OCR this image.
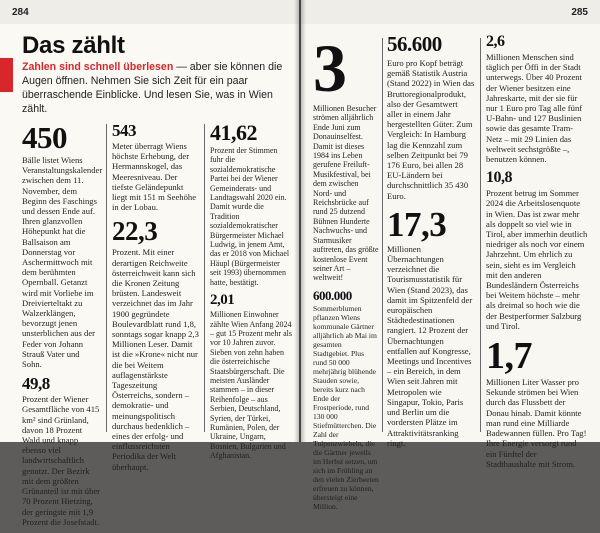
284
Das zählt

Zahlen sind schnell überlesen — aber sie können die Augen öffnen. Nehmen Sie sich Zeit für ein paar überraschende Einblicke. Und lesen Sie, was in Wien zählt.

450

Bälle listet Wiens Veranstaltungskalender zwischen dem 11. November, dem Beginn des Faschings und dessen Ende auf. Ihren glanzvollen Höhepunkt hat die Ballsaison am Donnerstag vor Aschermittwoch mit dem berühmten Opernball. Getanzt wird mit Vorliebe im Dreivierteltakt zu Walzerklängen, bevorzugt jenen unsterblichen aus der Feder von Johann Strauß Vater und Sohn.

49,8

Prozent der Wiener Gesamtfläche von 415 km² sind Grünland, davon 18 Prozent Wald und knapp ebenso viel landwirtschaftlich genutzt. Der Bezirk mit dem größten Grünanteil ist mit über 70 Prozent Hietzing, der geringste mit 1,9 Prozent die Josefstadt.

543

Meter überragt Wiens höchste Erhebung, der Hermannskogel, das Meeresniveau. Der tiefste Geländepunkt liegt mit 151 m Seehöhe in der Lobau.

22,3

Prozent. Mit einer derartigen Reichweite österreichweit kann sich die Kronen Zeitung brüsten. Landesweit verzeichnet das im Jahr 1900 gegründete Boulevardblatt rund 1,8, sonntags sogar knapp 2,3 Millionen Leser. Damit ist die »Krone« nicht nur die bei Weitem auflagenstärkste Tageszeitung Österreichs, sondern – demokratie- und meinungspolitisch durchaus bedenklich – eines der erfolg- und einflussreichsten Periodika der Welt überhaupt.

41,62

Prozent der Stimmen fuhr die sozialdemokratische Partei bei der Wiener Gemeinderats- und Landtagswahl 2020 ein. Damit wurde die Tradition sozialdemokratischer Bürgermeister Michael Ludwig, in jenem Amt, das er 2018 von Michael Häupl (Bürgermeister seit 1993) übernommen hatte, bestätigt.

2,01

Millionen Einwohner zählte Wien Anfang 2024 – gut 15 Prozent mehr als vor 10 Jahren zuvor. Sieben von zehn haben die österreichische Staatsbürgerschaft. Die meisten Ausländer stammen – in dieser Reihenfolge – aus Serbien, Deutschland, Syrien, der Türkei, Rumänien, Polen, der Ukraine, Ungarn, Bosnien, Bulgarien und Afghanistan.

285

3

Millionen Besucher strömen alljährlich Ende Juni zum Donauinselfest. Damit ist dieses 1984 ins Leben gerufene Freiluft-Musikfestival, bei dem zwischen Nord- und Reichsbrücke auf rund 25 dutzend Bühnen Hunderte Nachwuchs- und Starmusiker auftreten, das größte kostenlose Event seiner Art – weltweit!

600.000

Sommerblumen pflanzen Wiens kommunale Gärtner alljährlich ab Mai im gesamten Stadtgebiet. Plus rund 50 000 mehrjährig blühende Stauden sowie, bereits kurz nach Ende der Frostperiode, rund 130 000 Stiefmütterchen. Die Zahl der Tulpenzwiebeln, die die Gärtner jeweils im Herbst setzen, um sich im Frühling an den vielen Zierbeeten erfreuen zu können, übersteigt eine Million.

56.600

Euro pro Kopf beträgt gemäß Statistik Austria (Stand 2022) in Wien das Bruttoregionalprodukt, also der Gesamtwert aller in einem Jahr hergestellten Güter. Zum Vergleich: In Hamburg lag die Kennzahl zum selben Zeitpunkt bei 79 176 Euro, bei allen 28 EU-Ländern bei durchschnittlich 35 430 Euro.

17,3

Millionen Übernachtungen verzeichnet die Tourismusstatistik für Wien (Stand 2023), das damit im Spitzenfeld der europäischen Städtedestinationen rangiert. 12 Prozent der Übernachtungen entfallen auf Kongresse, Meetings und Incentives – ein Bereich, in dem Wien seit Jahren mit Metropolen wie Singapur, Tokio, Paris und Berlin um die vordersten Plätze im Attraktivitätsranking ringt.

2,6

Millionen Menschen sind täglich per Öffi in der Stadt unterwegs. Über 40 Prozent der Wiener besitzen eine Jahreskarte, mit der sie für nur 1 Euro pro Tag alle fünf U-Bahn- und 127 Buslinien sowie das gesamte Tram-Netz – mit 29 Linien das weltweit sechstgrößte –, benutzen können.

10,8

Prozent betrug im Sommer 2024 die Arbeitslosenquote in Wien. Das ist zwar mehr als doppelt so viel wie in Tirol, aber immerhin deutlich niedriger als noch vor einem Jahrzehnt. Um ehrlich zu sein, sieht es im Vergleich mit den anderen Bundesländern Österreichs bei Weitem höchste – mehr als dreimal so hoch wie die der Bestperformer Salzburg und Tirol.

1,7

Millionen Liter Wasser pro Sekunde strömen bei Wien durch das Flussbett der Donau hinab. Damit könnte man rund eine Milliarde Badewannen füllen. Pro Tag! Ihre Energie versorgt rund ein Fünftel der Stadthaushalte mit Strom.
